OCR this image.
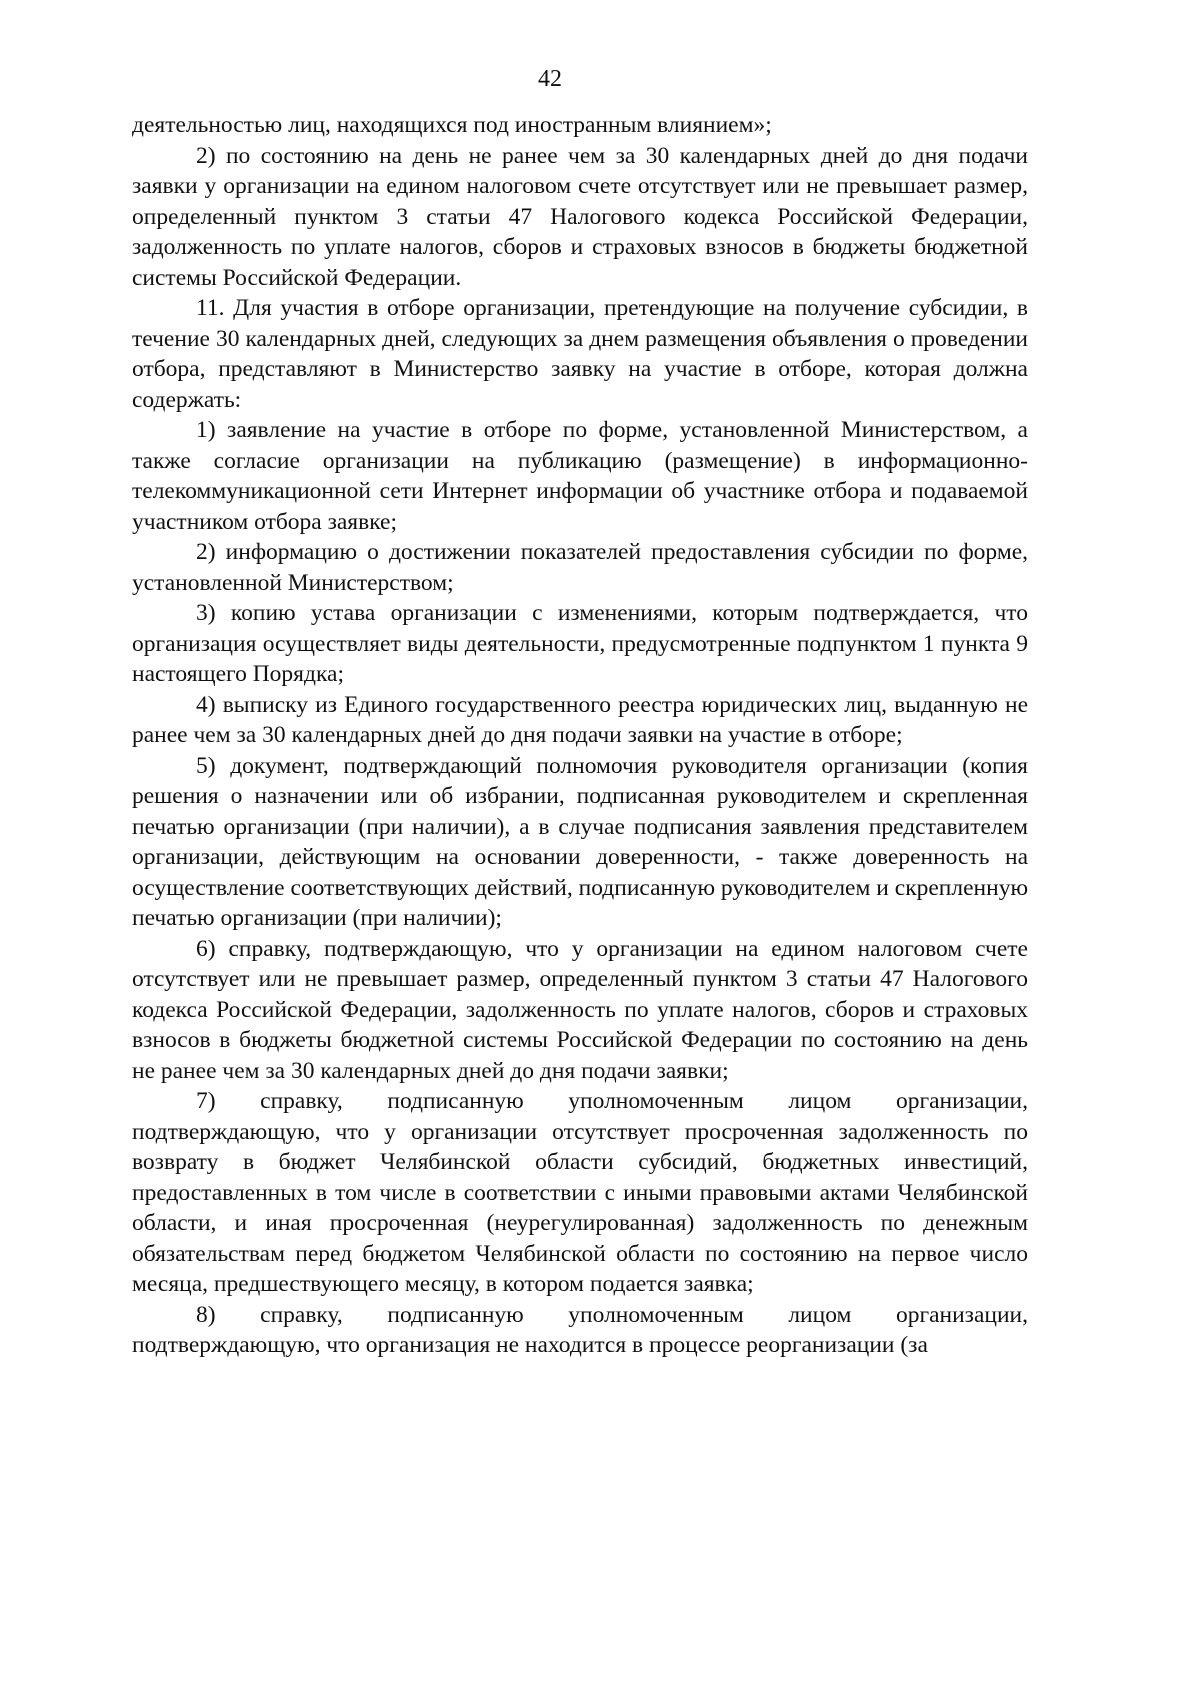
42

деятельностью лиц, находящихся под иностранным влиянием»;

2) по состоянию на день не ранее чем за 30 календарных дней до дня подачи заявки у организации на едином налоговом счете отсутствует или не превышает размер, определенный пунктом 3 статьи 47 Налогового кодекса Российской Федерации, задолженность по уплате налогов, сборов и страховых взносов в бюджеты бюджетной системы Российской Федерации.

11. Для участия в отборе организации, претендующие на получение субсидии, в течение 30 календарных дней, следующих за днем размещения объявления о проведении отбора, представляют в Министерство заявку на участие в отборе, которая должна содержать:

1) заявление на участие в отборе по форме, установленной Министерством, а также согласие организации на публикацию (размещение) в информационно-телекоммуникационной сети Интернет информации об участнике отбора и подаваемой участником отбора заявке;

2) информацию о достижении показателей предоставления субсидии по форме, установленной Министерством;

3) копию устава организации с изменениями, которым подтверждается, что организация осуществляет виды деятельности, предусмотренные подпунктом 1 пункта 9 настоящего Порядка;

4) выписку из Единого государственного реестра юридических лиц, выданную не ранее чем за 30 календарных дней до дня подачи заявки на участие в отборе;

5) документ, подтверждающий полномочия руководителя организации (копия решения о назначении или об избрании, подписанная руководителем и скрепленная печатью организации (при наличии), а в случае подписания заявления представителем организации, действующим на основании доверенности, - также доверенность на осуществление соответствующих действий, подписанную руководителем и скрепленную печатью организации (при наличии);

6) справку, подтверждающую, что у организации на едином налоговом счете отсутствует или не превышает размер, определенный пунктом 3 статьи 47 Налогового кодекса Российской Федерации, задолженность по уплате налогов, сборов и страховых взносов в бюджеты бюджетной системы Российской Федерации по состоянию на день не ранее чем за 30 календарных дней до дня подачи заявки;

7) справку, подписанную уполномоченным лицом организации, подтверждающую, что у организации отсутствует просроченная задолженность по возврату в бюджет Челябинской области субсидий, бюджетных инвестиций, предоставленных в том числе в соответствии с иными правовыми актами Челябинской области, и иная просроченная (неурегулированная) задолженность по денежным обязательствам перед бюджетом Челябинской области по состоянию на первое число месяца, предшествующего месяцу, в котором подается заявка;

8) справку, подписанную уполномоченным лицом организации, подтверждающую, что организация не находится в процессе реорганизации (за
